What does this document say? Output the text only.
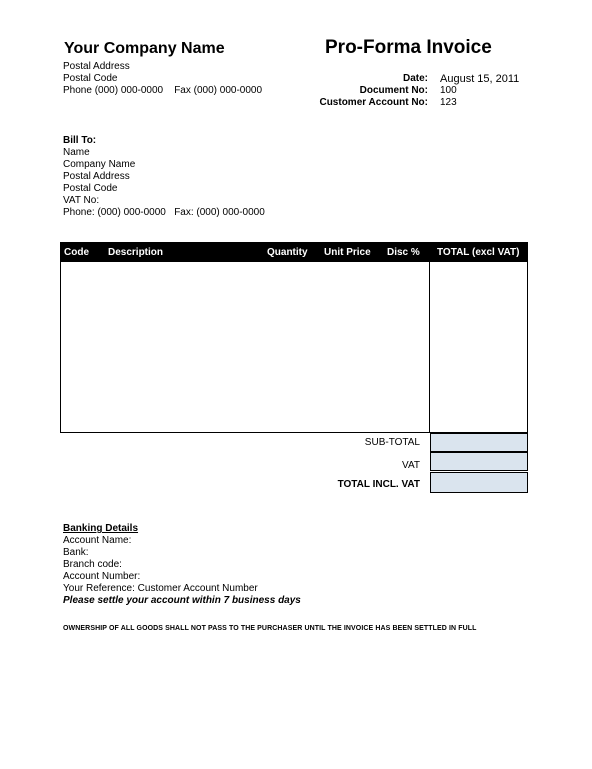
Your Company Name
Postal Address
Postal Code
Phone (000) 000-0000    Fax (000) 000-0000
Pro-Forma Invoice
Date:
Document No:
Customer Account No:
August 15, 2011
100
123
Bill To:
Name
Company Name
Postal Address
Postal Code
VAT No:
Phone: (000) 000-0000   Fax: (000) 000-0000
Code Description	Quantity Unit Price Disc % TOTAL (excl VAT)
SUB-TOTAL
VAT
TOTAL INCL. VAT
Banking Details
Account Name:
Bank:
Branch code:
Account Number:
Your Reference: Customer Account Number
Please settle your account within 7 business days
OWNERSHIP OF ALL GOODS SHALL NOT PASS TO THE PURCHASER UNTIL THE INVOICE HAS BEEN SETTLED IN FULL
